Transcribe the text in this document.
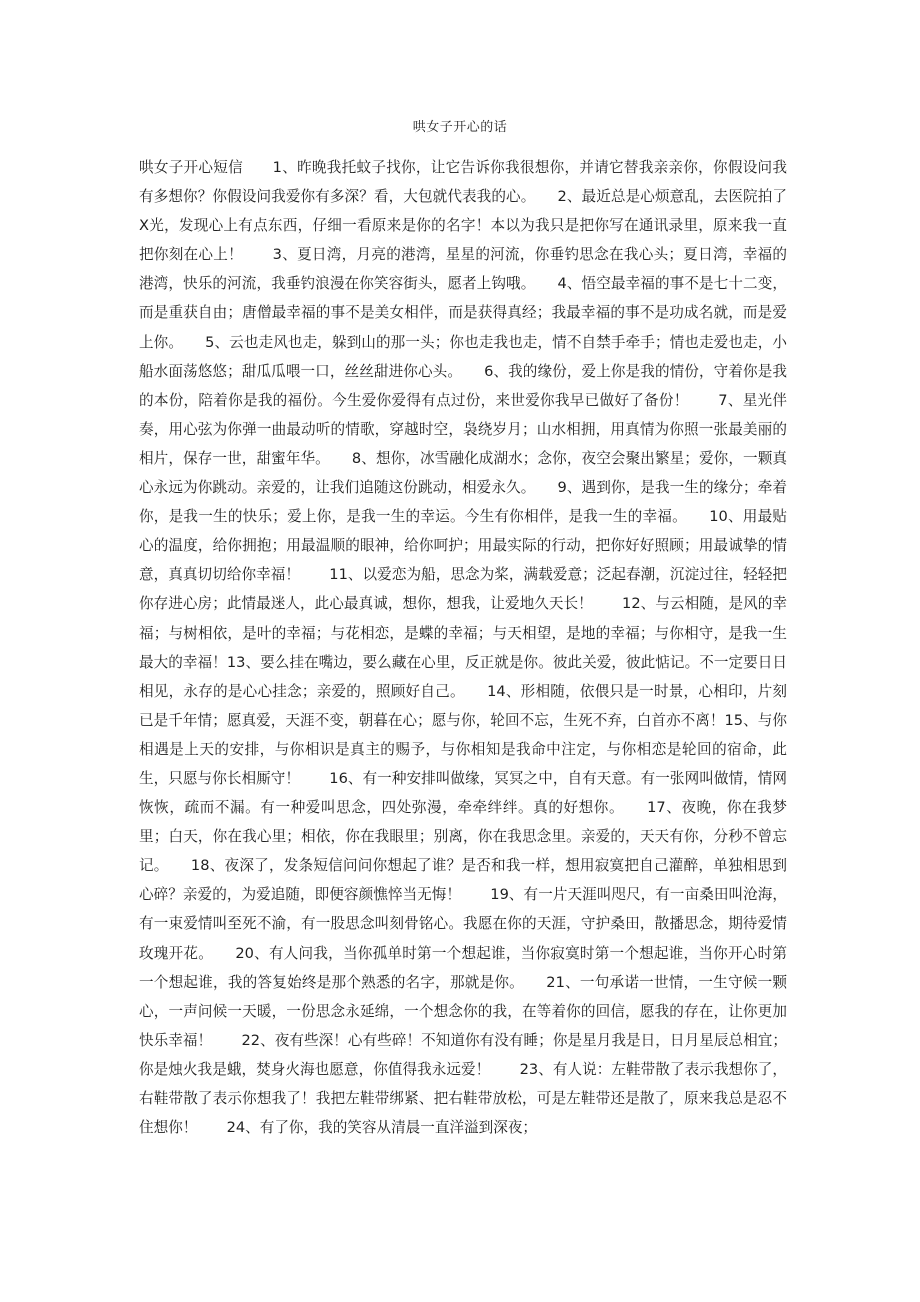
哄女子开心的话
哄女子开心短信　　1、昨晚我托蚊子找你，让它告诉你我很想你，并请它替我亲亲你，你假设问我有多想你？你假设问我爱你有多深？看，大包就代表我的心。　　2、最近总是心烦意乱，去医院拍了X光，发现心上有点东西，仔细一看原来是你的名字！本以为我只是把你写在通讯录里，原来我一直把你刻在心上！　　3、夏日湾，月亮的港湾，星星的河流，你垂钓思念在我心头；夏日湾，幸福的港湾，快乐的河流，我垂钓浪漫在你笑容街头，愿者上钩哦。　　4、悟空最幸福的事不是七十二变，而是重获自由；唐僧最幸福的事不是美女相伴，而是获得真经；我最幸福的事不是功成名就，而是爱上你。　　5、云也走风也走，躲到山的那一头；你也走我也走，情不自禁手牵手；情也走爱也走，小船水面荡悠悠；甜瓜瓜喂一口，丝丝甜进你心头。　　6、我的缘份，爱上你是我的情份，守着你是我的本份，陪着你是我的福份。今生爱你爱得有点过份，来世爱你我早已做好了备份！　　7、星光伴奏，用心弦为你弹一曲最动听的情歌，穿越时空，袅绕岁月；山水相拥，用真情为你照一张最美丽的相片，保存一世，甜蜜年华。　　8、想你，冰雪融化成湖水；念你，夜空会聚出繁星；爱你，一颗真心永远为你跳动。亲爱的，让我们追随这份跳动，相爱永久。　　9、遇到你，是我一生的缘分；牵着你，是我一生的快乐；爱上你，是我一生的幸运。今生有你相伴，是我一生的幸福。　　10、用最贴心的温度，给你拥抱；用最温顺的眼神，给你呵护；用最实际的行动，把你好好照顾；用最诚挚的情意，真真切切给你幸福！　　11、以爱恋为船，思念为桨，满载爱意；泛起春潮，沉淀过往，轻轻把你存进心房；此情最迷人，此心最真诚，想你，想我，让爱地久天长！　　12、与云相随，是风的幸福；与树相依，是叶的幸福；与花相恋，是蝶的幸福；与天相望，是地的幸福；与你相守，是我一生最大的幸福！13、要么挂在嘴边，要么藏在心里，反正就是你。彼此关爱，彼此惦记。不一定要日日相见，永存的是心心挂念；亲爱的，照顾好自己。　　14、形相随，依偎只是一时景，心相印，片刻已是千年情；愿真爱，天涯不变，朝暮在心；愿与你，轮回不忘，生死不弃，白首亦不离！15、与你相遇是上天的安排，与你相识是真主的赐予，与你相知是我命中注定，与你相恋是轮回的宿命，此生，只愿与你长相厮守！　　16、有一种安排叫做缘，冥冥之中，自有天意。有一张网叫做情，情网恢恢，疏而不漏。有一种爱叫思念，四处弥漫，牵牵绊绊。真的好想你。　　17、夜晚，你在我梦里；白天，你在我心里；相依，你在我眼里；别离，你在我思念里。亲爱的，天天有你，分秒不曾忘记。　　18、夜深了，发条短信问问你想起了谁？是否和我一样，想用寂寞把自己灌醉，单独相思到心碎？亲爱的，为爱追随，即便容颜憔悴当无悔！　　19、有一片天涯叫咫尺，有一亩桑田叫沧海，有一束爱情叫至死不渝，有一股思念叫刻骨铭心。我愿在你的天涯，守护桑田，散播思念，期待爱情玫瑰开花。　　20、有人问我，当你孤单时第一个想起谁，当你寂寞时第一个想起谁，当你开心时第一个想起谁，我的答复始终是那个熟悉的名字，那就是你。　　21、一句承诺一世情，一生守候一颗心，一声问候一天暖，一份思念永延绵，一个想念你的我，在等着你的回信，愿我的存在，让你更加快乐幸福！　　22、夜有些深！心有些碎！不知道你有没有睡；你是星月我是日，日月星辰总相宜；你是烛火我是蛾，焚身火海也愿意，你值得我永远爱！　　23、有人说：左鞋带散了表示我想你了，右鞋带散了表示你想我了！我把左鞋带绑紧、把右鞋带放松，可是左鞋带还是散了，原来我总是忍不住想你！　　24、有了你，我的笑容从清晨一直洋溢到深夜；
